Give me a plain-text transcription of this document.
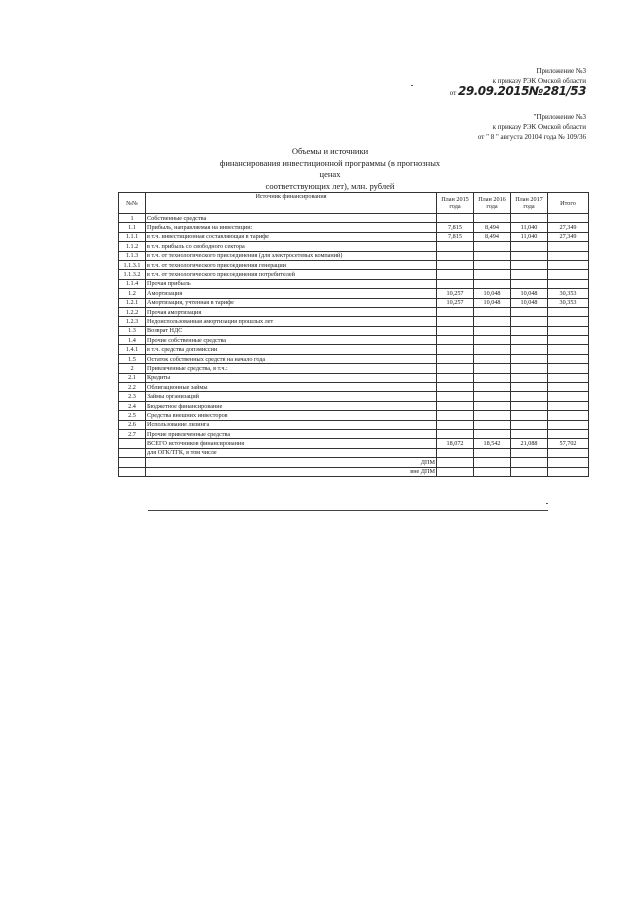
Приложение №3
к приказу РЭК Омской области
от 29.09.2015№281/53
"Приложение №3
к приказу РЭК Омской области
от " 8 " августа 20104 года № 109/36
Объемы и источники
финансирования инвестиционной программы (в прогнозных ценах
соответствующих лет), млн. рублей
№№	Источник финансирования	План 2015 года	План 2016 года	План 2017 года	Итого
1	Собственные средства				
1.1	Прибыль, направляемая на инвестиции:	7,815	8,494	11,040	27,349
1.1.1	в т.ч. инвестиционная составляющая в тарифе	7,815	8,494	11,040	27,349
1.1.2	в т.ч. прибыль со свободного сектора				
1.1.3	в т.ч. от технологического присоединения (для электросетевых компаний)				
1.1.3.1	в т.ч. от технологического присоединения генерации				
1.1.3.2	в т.ч. от технологического присоединения потребителей				
1.1.4	Прочая прибыль				
1.2	Амортизация	10,257	10,048	10,048	30,353
1.2.1	Амортизация, учтенная в тарифе	10,257	10,048	10,048	30,353
1.2.2	Прочая амортизация				
1.2.3	Недоиспользованная амортизация прошлых лет				
1.3	Возврат НДС				
1.4	Прочие собственные средства				
1.4.1	в т.ч. средства допэмиссии				
1.5	Остаток собственных средств на начало года				
2	Привлеченные средства, в т.ч.:				
2.1	Кредиты				
2.2	Облигационные займы				
2.3	Займы организаций				
2.4	Бюджетное финансирование				
2.5	Средства внешних инвесторов				
2.6	Использование лизинга				
2.7	Прочие привлеченные средства				
	ВСЕГО источников финансирования	18,072	18,542	21,088	57,702
	для ОГК/ТГК, в том числе				
	ДПМ				
	вне ДПМ				
